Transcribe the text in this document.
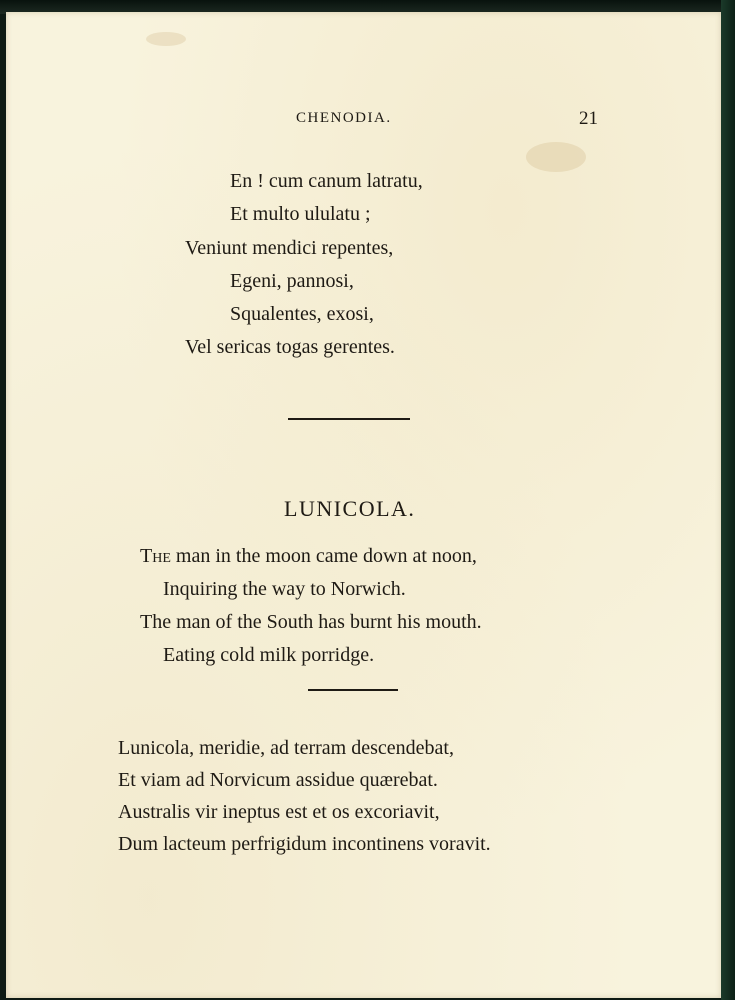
CHENODIA.	21
En ! cum canum latratu,
Et multo ululatu ;
Veniunt mendici repentes,
Egeni, pannosi,
Squalentes, exosi,
Vel sericas togas gerentes.
LUNICOLA.
The man in the moon came down at noon,
Inquiring the way to Norwich.
The man of the South has burnt his mouth.
Eating cold milk porridge.
Lunicola, meridie, ad terram descendebat,
Et viam ad Norvicum assidue quærebat.
Australis vir ineptus est et os excoriavit,
Dum lacteum perfrigidum incontinens voravit.
